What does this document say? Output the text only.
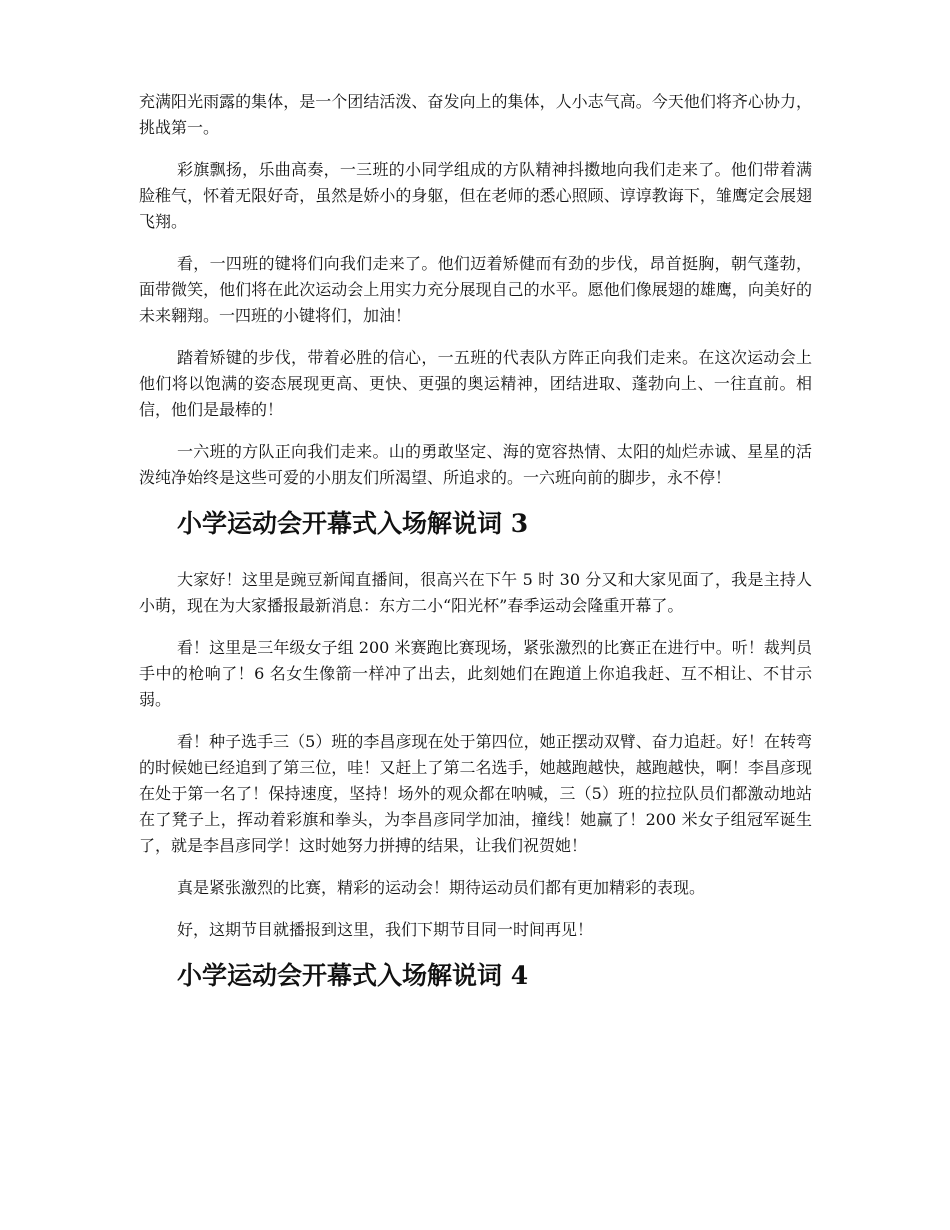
充满阳光雨露的集体，是一个团结活泼、奋发向上的集体，人小志气高。今天他们将齐心协力，挑战第一。

彩旗飘扬，乐曲高奏，一三班的小同学组成的方队精神抖擞地向我们走来了。他们带着满脸稚气，怀着无限好奇，虽然是娇小的身躯，但在老师的悉心照顾、谆谆教诲下，雏鹰定会展翅飞翔。

看，一四班的键将们向我们走来了。他们迈着矫健而有劲的步伐，昂首挺胸，朝气蓬勃，面带微笑，他们将在此次运动会上用实力充分展现自己的水平。愿他们像展翅的雄鹰，向美好的未来翱翔。一四班的小键将们，加油！

踏着矫键的步伐，带着必胜的信心，一五班的代表队方阵正向我们走来。在这次运动会上他们将以饱满的姿态展现更高、更快、更强的奥运精神，团结进取、蓬勃向上、一往直前。相信，他们是最棒的！

一六班的方队正向我们走来。山的勇敢坚定、海的宽容热情、太阳的灿烂赤诚、星星的活泼纯净始终是这些可爱的小朋友们所渴望、所追求的。一六班向前的脚步，永不停！

小学运动会开幕式入场解说词 3

大家好！这里是豌豆新闻直播间，很高兴在下午 5 时 30 分又和大家见面了，我是主持人小萌，现在为大家播报最新消息：东方二小“阳光杯”春季运动会隆重开幕了。

看！这里是三年级女子组 200 米赛跑比赛现场，紧张激烈的比赛正在进行中。听！裁判员手中的枪响了！6 名女生像箭一样冲了出去，此刻她们在跑道上你追我赶、互不相让、不甘示弱。

看！种子选手三（5）班的李昌彦现在处于第四位，她正摆动双臂、奋力追赶。好！在转弯的时候她已经追到了第三位，哇！又赶上了第二名选手，她越跑越快，越跑越快，啊！李昌彦现在处于第一名了！保持速度，坚持！场外的观众都在呐喊，三（5）班的拉拉队员们都激动地站在了凳子上，挥动着彩旗和拳头，为李昌彦同学加油，撞线！她赢了！200 米女子组冠军诞生了，就是李昌彦同学！这时她努力拼搏的结果，让我们祝贺她！

真是紧张激烈的比赛，精彩的运动会！期待运动员们都有更加精彩的表现。

好，这期节目就播报到这里，我们下期节目同一时间再见！

小学运动会开幕式入场解说词 4
